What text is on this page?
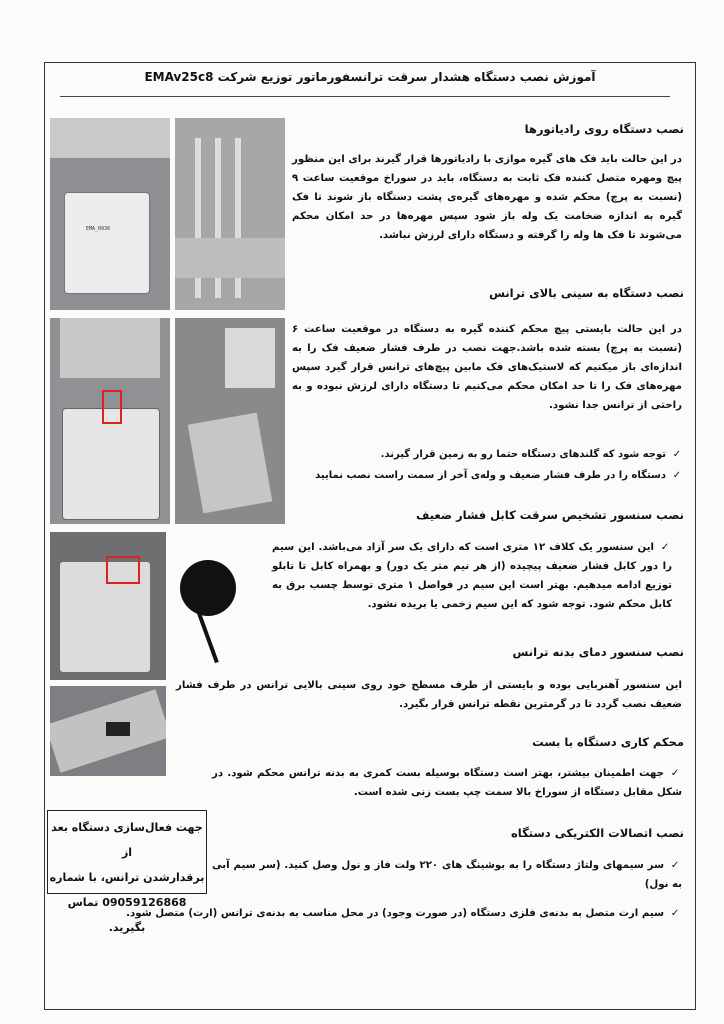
آموزش نصب دستگاه هشدار سرقت ترانسفورماتور توزیع شرکت EMAv25c8
EMA_0936
نصب دستگاه روی رادیاتورها
در این حالت باید فک های گیره موازی با رادیاتورها قرار گیرند برای این منظور پیچ ومهره متصل کننده فک ثابت به دستگاه، باید در سوراخ موقعیت ساعت ۹ (نسبت به پرچ) محکم شده و مهره‌های گیره‌ی پشت دستگاه باز شوند تا فک گیره به اندازه ضخامت یک وله باز شود سپس مهره‌ها در حد امکان محکم می‌شوند تا فک ها وله را گرفته و دستگاه دارای لرزش نباشد.
نصب دستگاه به سینی بالای ترانس
در این حالت بایستی پیچ محکم کننده گیره به دستگاه در موقعیت ساعت ۶ (نسبت به پرچ) بسته شده باشد.جهت نصب در طرف فشار ضعیف فک را به اندازه‌ای باز میکنیم که لاستیک‌های فک مابین پیچ‌های ترانس قرار گیرد سپس مهره‌های فک را تا حد امکان محکم می‌کنیم تا دستگاه دارای لرزش نبوده و به راحتی از ترانس جدا نشود.
✓توجه شود که گلندهای دستگاه حتما رو به زمین قرار گیرند.
✓دستگاه را در طرف فشار ضعیف و وله‌ی آخر از سمت راست نصب نمایید
نصب سنسور تشخیص سرقت کابل فشار ضعیف
✓این سنسور یک کلاف ۱۲ متری است که دارای یک سر آزاد می‌باشد. این سیم را دور کابل فشار ضعیف پیچیده (از هر نیم متر یک دور) و بهمراه کابل تا تابلو توزیع ادامه میدهیم. بهتر است این سیم در فواصل ۱ متری توسط چسب برق به کابل محکم شود. توجه شود که این سیم زخمی یا بریده نشود.
نصب سنسور دمای بدنه ترانس
این سنسور آهنربایی بوده و بایستی از طرف مسطح خود روی سینی بالایی ترانس در طرف فشار ضعیف نصب گردد تا در گرمترین نقطه ترانس قرار بگیرد.
محکم کاری دستگاه با بست
✓جهت اطمینان بیشتر، بهتر است دستگاه بوسیله بست کمری به بدنه ترانس محکم شود. در شکل مقابل دستگاه از سوراخ بالا سمت چپ بست زنی شده است.
نصب اتصالات الکتریکی دستگاه
✓سر سیمهای ولتاژ دستگاه را به بوشینگ های ۲۲۰ ولت فاز و نول وصل کنید. (سر سیم آبی به نول)
✓سیم ارت متصل به بدنه‌ی فلزی دستگاه (در صورت وجود) در محل مناسب به بدنه‌ی ترانس (ارت) متصل شود.
جهت فعال‌سازی دستگاه بعد از
برقدارشدن ترانس، با شماره
09059126868 تماس بگیرید.
